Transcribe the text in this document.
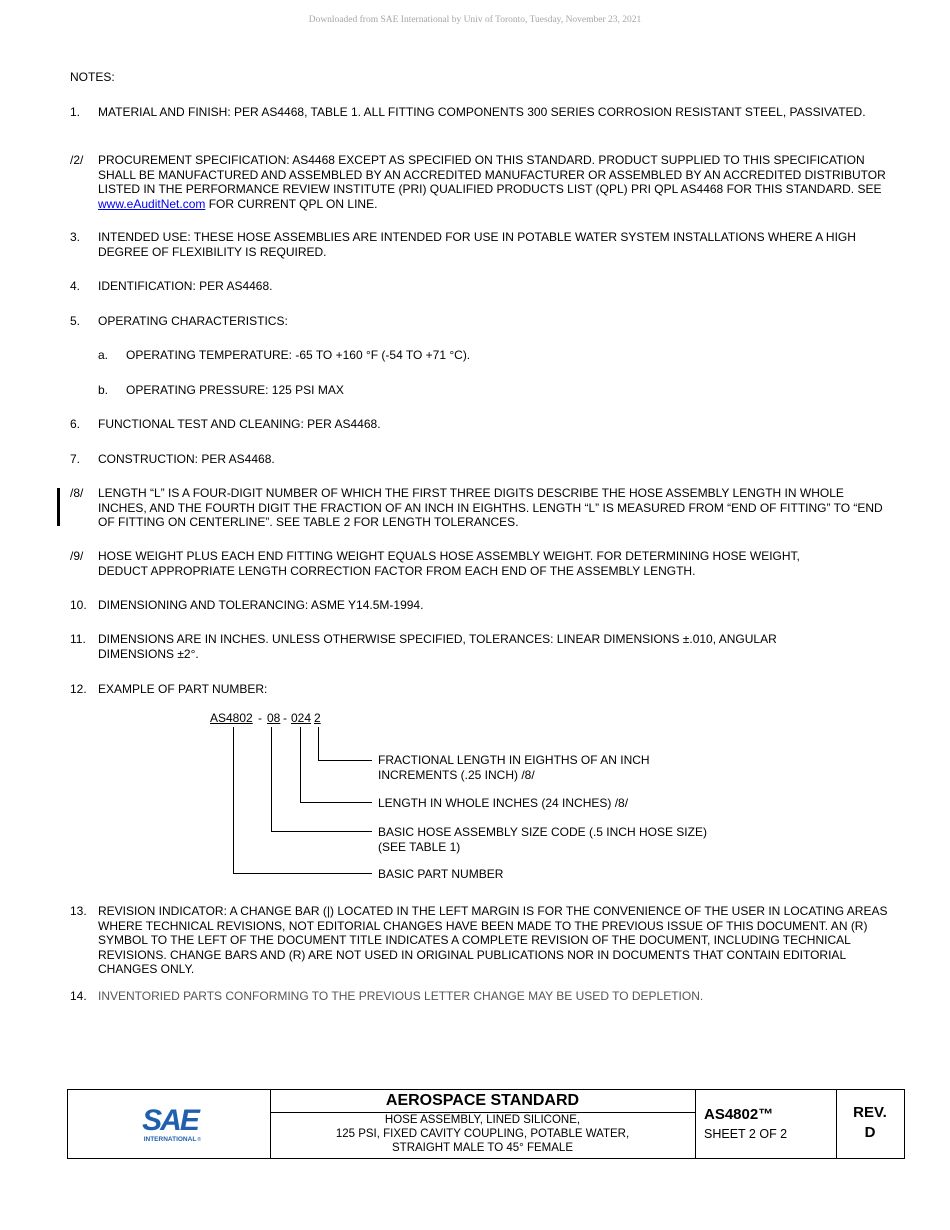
Downloaded from SAE International by Univ of Toronto, Tuesday, November 23, 2021
NOTES:
1. MATERIAL AND FINISH: PER AS4468, TABLE 1. ALL FITTING COMPONENTS 300 SERIES CORROSION RESISTANT STEEL, PASSIVATED.
/2/ PROCUREMENT SPECIFICATION: AS4468 EXCEPT AS SPECIFIED ON THIS STANDARD. PRODUCT SUPPLIED TO THIS SPECIFICATION SHALL BE MANUFACTURED AND ASSEMBLED BY AN ACCREDITED MANUFACTURER OR ASSEMBLED BY AN ACCREDITED DISTRIBUTOR LISTED IN THE PERFORMANCE REVIEW INSTITUTE (PRI) QUALIFIED PRODUCTS LIST (QPL) PRI QPL AS4468 FOR THIS STANDARD. SEE www.eAuditNet.com FOR CURRENT QPL ON LINE.
3. INTENDED USE: THESE HOSE ASSEMBLIES ARE INTENDED FOR USE IN POTABLE WATER SYSTEM INSTALLATIONS WHERE A HIGH DEGREE OF FLEXIBILITY IS REQUIRED.
4. IDENTIFICATION: PER AS4468.
5. OPERATING CHARACTERISTICS:
a. OPERATING TEMPERATURE: -65 TO +160 °F (-54 TO +71 °C).
b. OPERATING PRESSURE: 125 PSI MAX
6. FUNCTIONAL TEST AND CLEANING: PER AS4468.
7. CONSTRUCTION: PER AS4468.
/8/ LENGTH “L” IS A FOUR-DIGIT NUMBER OF WHICH THE FIRST THREE DIGITS DESCRIBE THE HOSE ASSEMBLY LENGTH IN WHOLE INCHES, AND THE FOURTH DIGIT THE FRACTION OF AN INCH IN EIGHTHS. LENGTH “L” IS MEASURED FROM “END OF FITTING” TO “END OF FITTING ON CENTERLINE”. SEE TABLE 2 FOR LENGTH TOLERANCES.
/9/ HOSE WEIGHT PLUS EACH END FITTING WEIGHT EQUALS HOSE ASSEMBLY WEIGHT. FOR DETERMINING HOSE WEIGHT, DEDUCT APPROPRIATE LENGTH CORRECTION FACTOR FROM EACH END OF THE ASSEMBLY LENGTH.
10. DIMENSIONING AND TOLERANCING: ASME Y14.5M-1994.
11. DIMENSIONS ARE IN INCHES. UNLESS OTHERWISE SPECIFIED, TOLERANCES: LINEAR DIMENSIONS ±.010, ANGULAR DIMENSIONS ±2°.
12. EXAMPLE OF PART NUMBER:
AS4802 - 08 - 024 2
FRACTIONAL LENGTH IN EIGHTHS OF AN INCH
INCREMENTS (.25 INCH) /8/
LENGTH IN WHOLE INCHES (24 INCHES) /8/
BASIC HOSE ASSEMBLY SIZE CODE (.5 INCH HOSE SIZE)
(SEE TABLE 1)
BASIC PART NUMBER
13. REVISION INDICATOR: A CHANGE BAR (|) LOCATED IN THE LEFT MARGIN IS FOR THE CONVENIENCE OF THE USER IN LOCATING AREAS WHERE TECHNICAL REVISIONS, NOT EDITORIAL CHANGES HAVE BEEN MADE TO THE PREVIOUS ISSUE OF THIS DOCUMENT. AN (R) SYMBOL TO THE LEFT OF THE DOCUMENT TITLE INDICATES A COMPLETE REVISION OF THE DOCUMENT, INCLUDING TECHNICAL REVISIONS. CHANGE BARS AND (R) ARE NOT USED IN ORIGINAL PUBLICATIONS NOR IN DOCUMENTS THAT CONTAIN EDITORIAL CHANGES ONLY.
14. INVENTORIED PARTS CONFORMING TO THE PREVIOUS LETTER CHANGE MAY BE USED TO DEPLETION.
SAE
INTERNATIONAL ®
AEROSPACE STANDARD
HOSE ASSEMBLY, LINED SILICONE,
125 PSI, FIXED CAVITY COUPLING, POTABLE WATER,
STRAIGHT MALE TO 45° FEMALE
AS4802™
SHEET 2 OF 2
REV.
D
